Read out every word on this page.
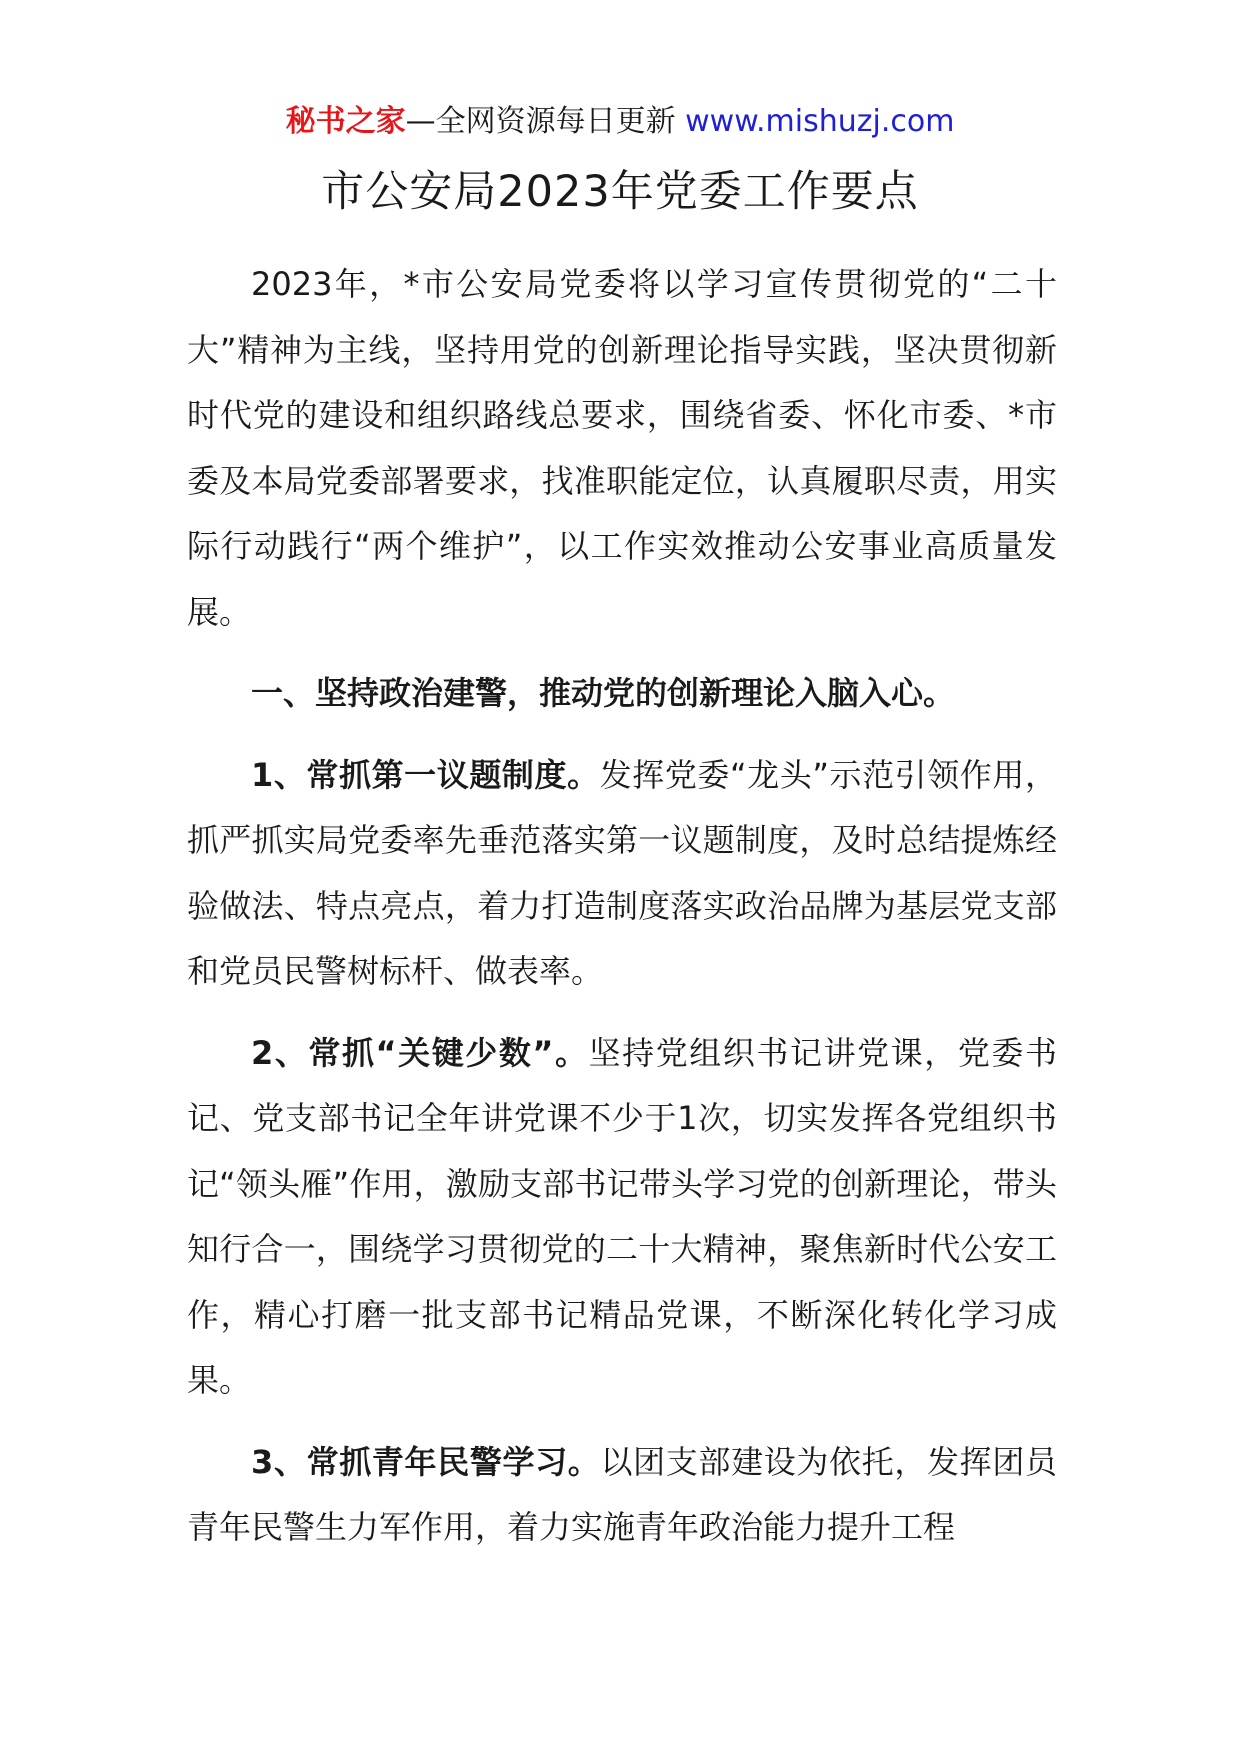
秘书之家—全网资源每日更新 www.mishuzj.com
市公安局2023年党委工作要点

2023年，*市公安局党委将以学习宣传贯彻党的“二十大”精神为主线，坚持用党的创新理论指导实践，坚决贯彻新时代党的建设和组织路线总要求，围绕省委、怀化市委、*市委及本局党委部署要求，找准职能定位，认真履职尽责，用实际行动践行“两个维护”，以工作实效推动公安事业高质量发展。

一、坚持政治建警，推动党的创新理论入脑入心。

1、常抓第一议题制度。发挥党委“龙头”示范引领作用，抓严抓实局党委率先垂范落实第一议题制度，及时总结提炼经验做法、特点亮点，着力打造制度落实政治品牌为基层党支部和党员民警树标杆、做表率。

2、常抓“关键少数”。坚持党组织书记讲党课，党委书记、党支部书记全年讲党课不少于1次，切实发挥各党组织书记“领头雁”作用，激励支部书记带头学习党的创新理论，带头知行合一，围绕学习贯彻党的二十大精神，聚焦新时代公安工作，精心打磨一批支部书记精品党课，不断深化转化学习成果。

3、常抓青年民警学习。以团支部建设为依托，发挥团员青年民警生力军作用，着力实施青年政治能力提升工程
